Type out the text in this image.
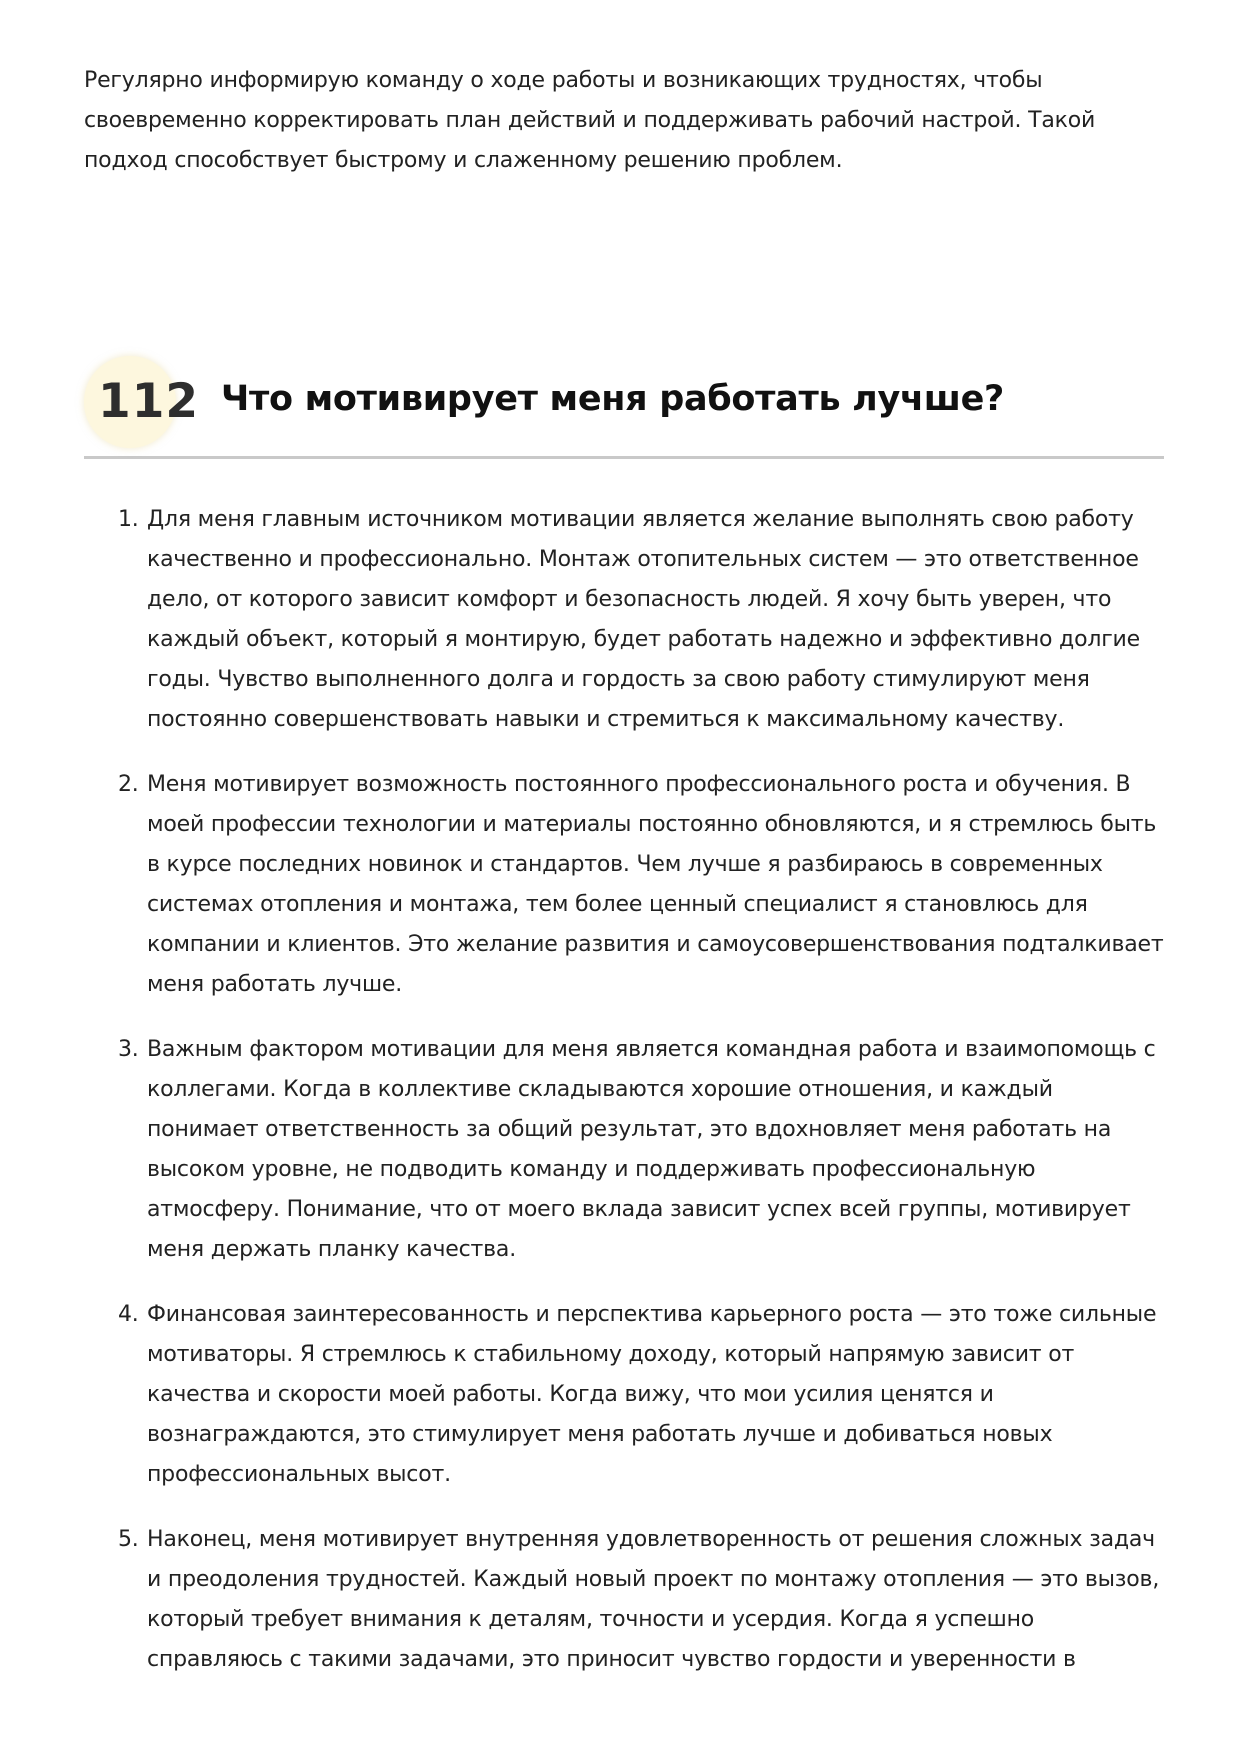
Регулярно информирую команду о ходе работы и возникающих трудностях, чтобы своевременно корректировать план действий и поддерживать рабочий настрой. Такой подход способствует быстрому и слаженному решению проблем.

112 Что мотивирует меня работать лучше?
1. Для меня главным источником мотивации является желание выполнять свою работу качественно и профессионально. Монтаж отопительных систем — это ответственное дело, от которого зависит комфорт и безопасность людей. Я хочу быть уверен, что каждый объект, который я монтирую, будет работать надежно и эффективно долгие годы. Чувство выполненного долга и гордость за свою работу стимулируют меня постоянно совершенствовать навыки и стремиться к максимальному качеству.
2. Меня мотивирует возможность постоянного профессионального роста и обучения. В моей профессии технологии и материалы постоянно обновляются, и я стремлюсь быть в курсе последних новинок и стандартов. Чем лучше я разбираюсь в современных системах отопления и монтажа, тем более ценный специалист я становлюсь для компании и клиентов. Это желание развития и самоусовершенствования подталкивает меня работать лучше.
3. Важным фактором мотивации для меня является командная работа и взаимопомощь с коллегами. Когда в коллективе складываются хорошие отношения, и каждый понимает ответственность за общий результат, это вдохновляет меня работать на высоком уровне, не подводить команду и поддерживать профессиональную атмосферу. Понимание, что от моего вклада зависит успех всей группы, мотивирует меня держать планку качества.
4. Финансовая заинтересованность и перспектива карьерного роста — это тоже сильные мотиваторы. Я стремлюсь к стабильному доходу, который напрямую зависит от качества и скорости моей работы. Когда вижу, что мои усилия ценятся и вознаграждаются, это стимулирует меня работать лучше и добиваться новых профессиональных высот.
5. Наконец, меня мотивирует внутренняя удовлетворенность от решения сложных задач и преодоления трудностей. Каждый новый проект по монтажу отопления — это вызов, который требует внимания к деталям, точности и усердия. Когда я успешно справляюсь с такими задачами, это приносит чувство гордости и уверенности в
